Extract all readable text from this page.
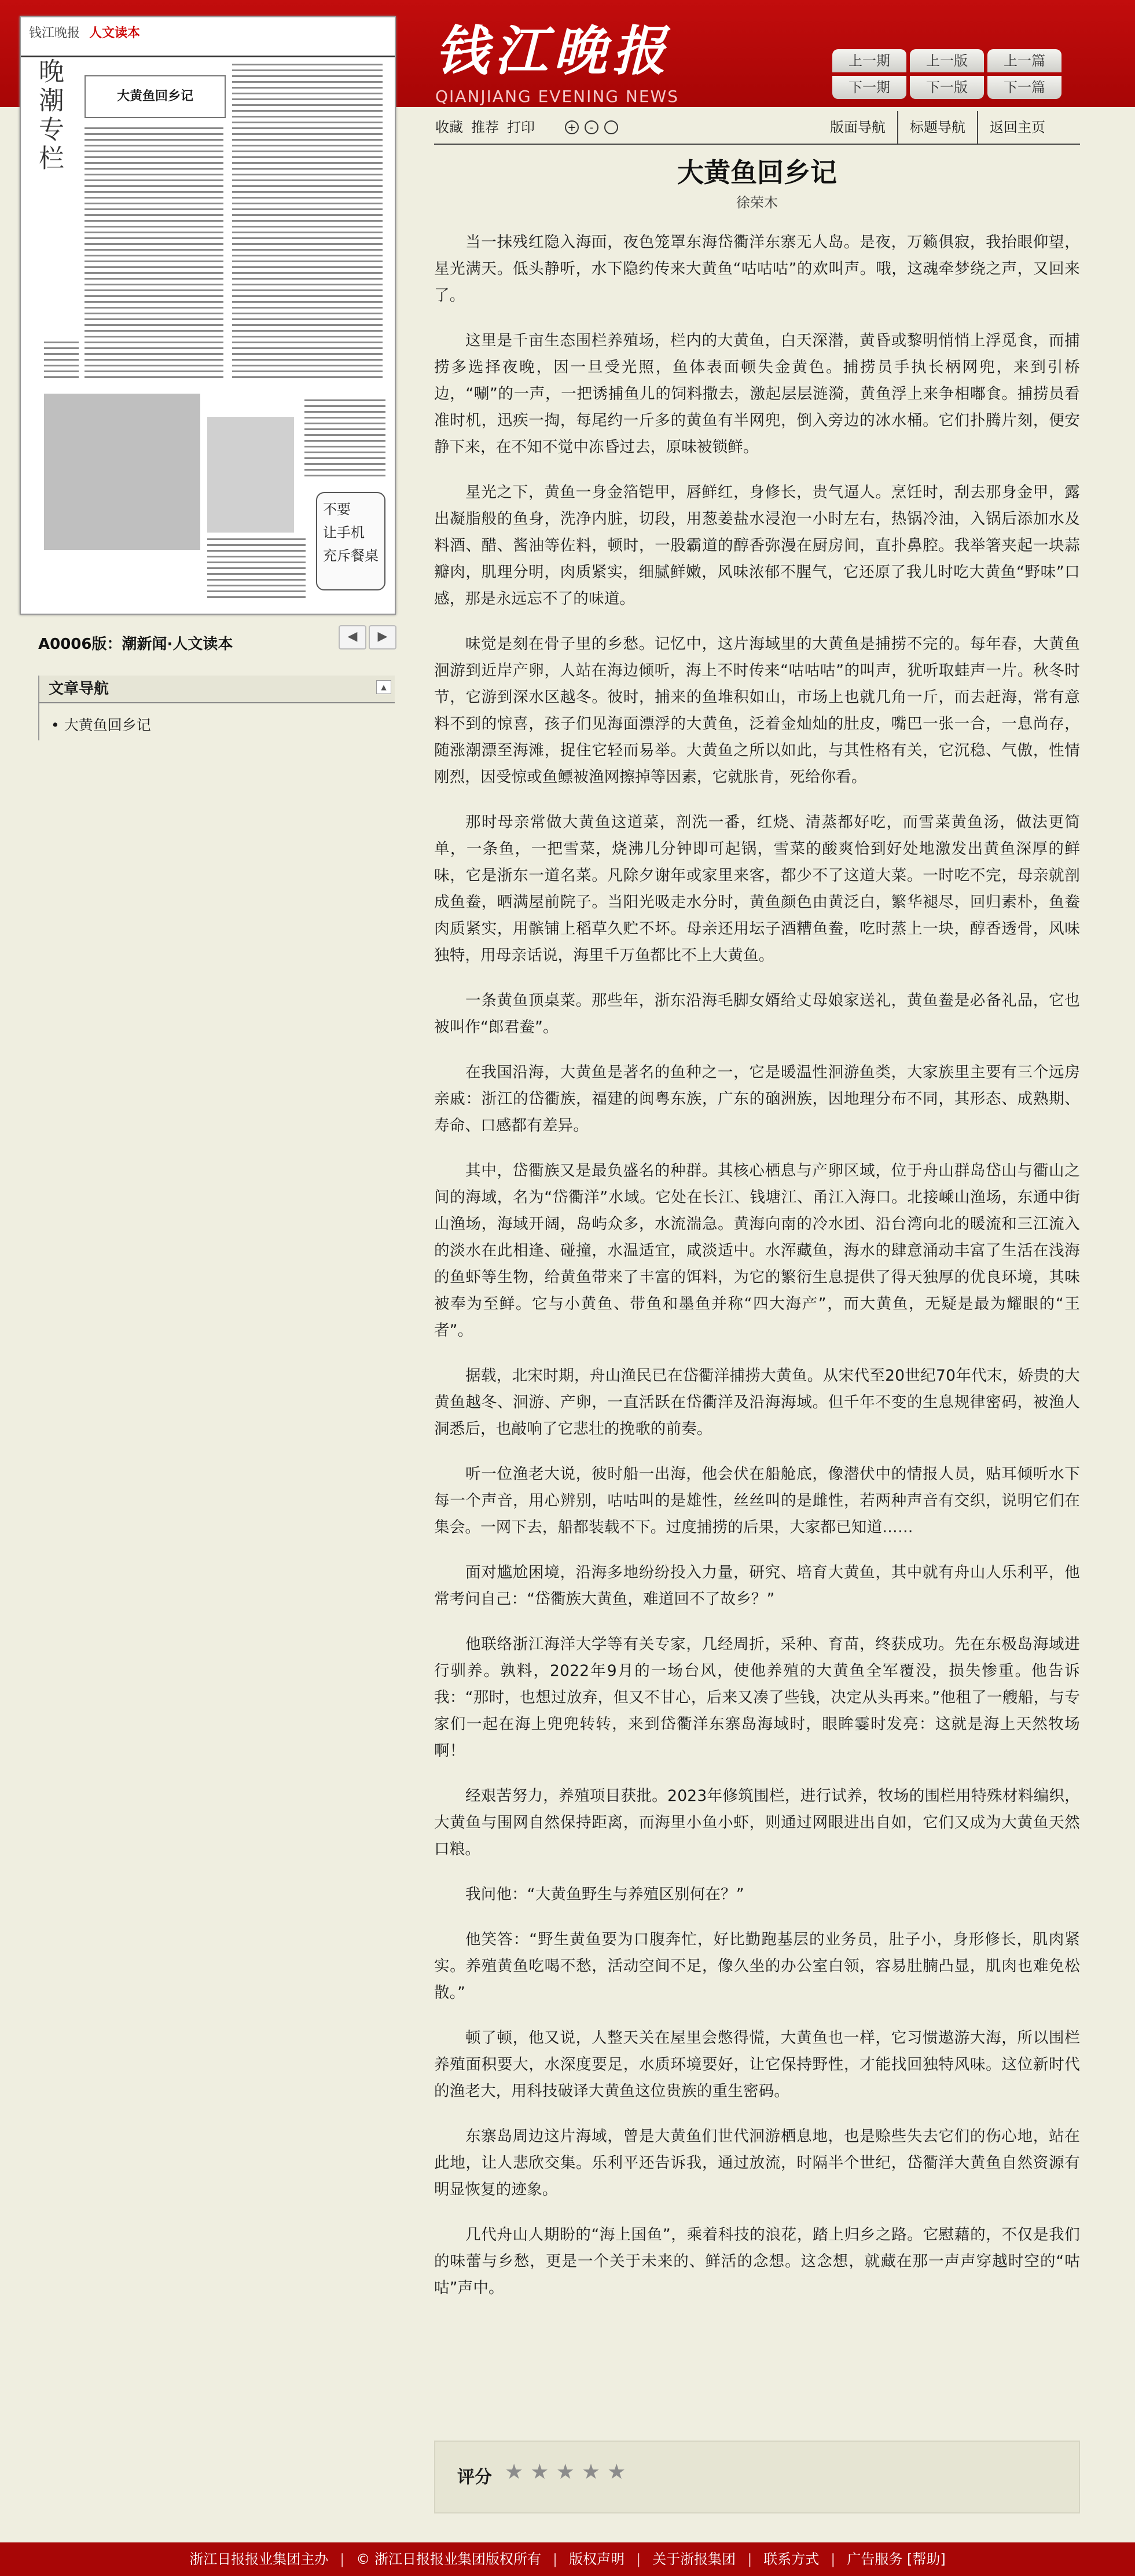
钱江晚报
QIANJIANG EVENING NEWS
上一期	上一版	上一篇
下一期	下一版	下一篇
钱江晚报 人文读本
晚潮专栏	大黄鱼回乡记
不要
让手机
充斥餐桌
A0006版：潮新闻·人文读本	◀	▶
文章导航	▲
• 大黄鱼回乡记
收藏 推荐 打印	+	-	版面导航	标题导航	返回主页
大黄鱼回乡记
徐荣木

当一抹残红隐入海面，夜色笼罩东海岱衢洋东寨无人岛。是夜，万籁俱寂，我抬眼仰望，星光满天。低头静听，水下隐约传来大黄鱼“咕咕咕”的欢叫声。哦，这魂牵梦绕之声，又回来了。

这里是千亩生态围栏养殖场，栏内的大黄鱼，白天深潜，黄昏或黎明悄悄上浮觅食，而捕捞多选择夜晚，因一旦受光照，鱼体表面顿失金黄色。捕捞员手执长柄网兜，来到引桥边，“唰”的一声，一把诱捕鱼儿的饲料撒去，激起层层涟漪，黄鱼浮上来争相嘟食。捕捞员看准时机，迅疾一掏，每尾约一斤多的黄鱼有半网兜，倒入旁边的冰水桶。它们扑腾片刻，便安静下来，在不知不觉中冻昏过去，原味被锁鲜。

星光之下，黄鱼一身金箔铠甲，唇鲜红，身修长，贵气逼人。烹饪时，刮去那身金甲，露出凝脂般的鱼身，洗净内脏，切段，用葱姜盐水浸泡一小时左右，热锅冷油，入锅后添加水及料酒、醋、酱油等佐料，顿时，一股霸道的醇香弥漫在厨房间，直扑鼻腔。我举箸夹起一块蒜瓣肉，肌理分明，肉质紧实，细腻鲜嫩，风味浓郁不腥气，它还原了我儿时吃大黄鱼“野味”口感，那是永远忘不了的味道。

味觉是刻在骨子里的乡愁。记忆中，这片海域里的大黄鱼是捕捞不完的。每年春，大黄鱼洄游到近岸产卵，人站在海边倾听，海上不时传来“咕咕咕”的叫声，犹听取蛙声一片。秋冬时节，它游到深水区越冬。彼时，捕来的鱼堆积如山，市场上也就几角一斤，而去赶海，常有意料不到的惊喜，孩子们见海面漂浮的大黄鱼，泛着金灿灿的肚皮，嘴巴一张一合，一息尚存，随涨潮漂至海滩，捉住它轻而易举。大黄鱼之所以如此，与其性格有关，它沉稳、气傲，性情刚烈，因受惊或鱼鳔被渔网擦掉等因素，它就胀肯，死给你看。

那时母亲常做大黄鱼这道菜，剖洗一番，红烧、清蒸都好吃，而雪菜黄鱼汤，做法更简单，一条鱼，一把雪菜，烧沸几分钟即可起锅，雪菜的酸爽恰到好处地激发出黄鱼深厚的鲜味，它是浙东一道名菜。凡除夕谢年或家里来客，都少不了这道大菜。一时吃不完，母亲就剖成鱼鲞，晒满屋前院子。当阳光吸走水分时，黄鱼颜色由黄泛白，繁华褪尽，回归素朴，鱼鲞肉质紧实，用髌铺上稻草久贮不坏。母亲还用坛子酒糟鱼鲞，吃时蒸上一块，醇香透骨，风味独特，用母亲话说，海里千万鱼都比不上大黄鱼。

一条黄鱼顶桌菜。那些年，浙东沿海毛脚女婿给丈母娘家送礼，黄鱼鲞是必备礼品，它也被叫作“郎君鲞”。

在我国沿海，大黄鱼是著名的鱼种之一，它是暖温性洄游鱼类，大家族里主要有三个远房亲戚：浙江的岱衢族，福建的闽粤东族，广东的硇洲族，因地理分布不同，其形态、成熟期、寿命、口感都有差异。

其中，岱衢族又是最负盛名的种群。其核心栖息与产卵区域，位于舟山群岛岱山与衢山之间的海域，名为“岱衢洋”水域。它处在长江、钱塘江、甬江入海口。北接嵊山渔场，东通中街山渔场，海域开阔，岛屿众多，水流湍急。黄海向南的冷水团、沿台湾向北的暖流和三江流入的淡水在此相逢、碰撞，水温适宜，咸淡适中。水浑藏鱼，海水的肆意涌动丰富了生活在浅海的鱼虾等生物，给黄鱼带来了丰富的饵料，为它的繁衍生息提供了得天独厚的优良环境，其味被奉为至鲜。它与小黄鱼、带鱼和墨鱼并称“四大海产”，而大黄鱼，无疑是最为耀眼的“王者”。

据载，北宋时期，舟山渔民已在岱衢洋捕捞大黄鱼。从宋代至20世纪70年代末，娇贵的大黄鱼越冬、洄游、产卵，一直活跃在岱衢洋及沿海海域。但千年不变的生息规律密码，被渔人洞悉后，也敲响了它悲壮的挽歌的前奏。

听一位渔老大说，彼时船一出海，他会伏在船舱底，像潜伏中的情报人员，贴耳倾听水下每一个声音，用心辨别，咕咕叫的是雄性，丝丝叫的是雌性，若两种声音有交织，说明它们在集会。一网下去，船都装载不下。过度捕捞的后果，大家都已知道……

面对尴尬困境，沿海多地纷纷投入力量，研究、培育大黄鱼，其中就有舟山人乐利平，他常考问自己：“岱衢族大黄鱼，难道回不了故乡？”

他联络浙江海洋大学等有关专家，几经周折，采种、育苗，终获成功。先在东极岛海域进行驯养。孰料，2022年9月的一场台风，使他养殖的大黄鱼全军覆没，损失惨重。他告诉我：“那时，也想过放弃，但又不甘心，后来又凑了些钱，决定从头再来。”他租了一艘船，与专家们一起在海上兜兜转转，来到岱衢洋东寨岛海域时，眼眸霎时发亮：这就是海上天然牧场啊！

经艰苦努力，养殖项目获批。2023年修筑围栏，进行试养，牧场的围栏用特殊材料编织，大黄鱼与围网自然保持距离，而海里小鱼小虾，则通过网眼进出自如，它们又成为大黄鱼天然口粮。

我问他：“大黄鱼野生与养殖区别何在？”

他笑答：“野生黄鱼要为口腹奔忙，好比勤跑基层的业务员，肚子小，身形修长，肌肉紧实。养殖黄鱼吃喝不愁，活动空间不足，像久坐的办公室白领，容易肚腩凸显，肌肉也难免松散。”

顿了顿，他又说，人整天关在屋里会憋得慌，大黄鱼也一样，它习惯遨游大海，所以围栏养殖面积要大，水深度要足，水质环境要好，让它保持野性，才能找回独特风味。这位新时代的渔老大，用科技破译大黄鱼这位贵族的重生密码。

东寨岛周边这片海域，曾是大黄鱼们世代洄游栖息地，也是赊些失去它们的伤心地，站在此地，让人悲欣交集。乐利平还告诉我，通过放流，时隔半个世纪，岱衢洋大黄鱼自然资源有明显恢复的迹象。

几代舟山人期盼的“海上国鱼”，乘着科技的浪花，踏上归乡之路。它慰藉的，不仅是我们的味蕾与乡愁，更是一个关于未来的、鲜活的念想。这念想，就藏在那一声声穿越时空的“咕咕”声中。

评分 ★ ★ ★ ★ ★
浙江日报报业集团主办 | © 浙江日报报业集团版权所有 | 版权声明 | 关于浙报集团 | 联系方式 | 广告服务 [帮助]
